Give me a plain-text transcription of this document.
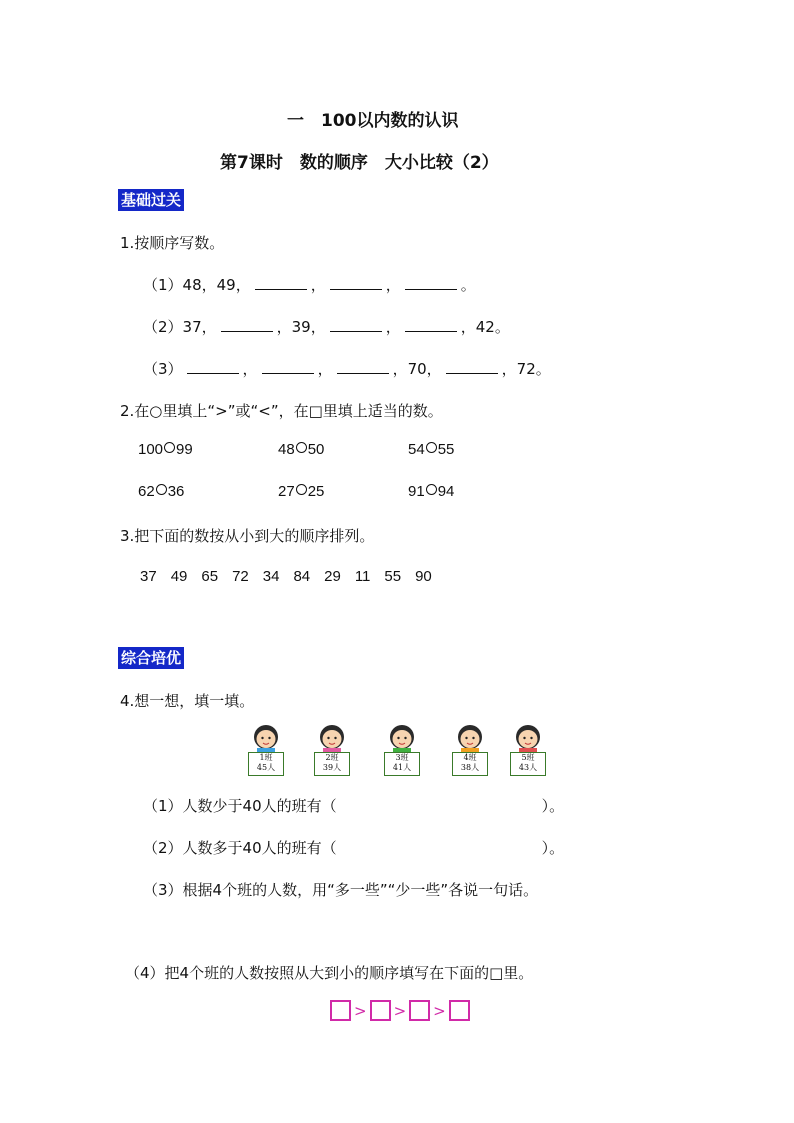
一　100以内数的认识
第7课时　数的顺序　大小比较（2）
基础过关
1.按顺序写数。
（1）48，49，	，	，	。
（2）37，	，39，	，	，42。
（3）	，	，	，70，	，72。
2.在○里填上“>”或“<”，在□里填上适当的数。
100 99	48 50	54 55
62 36	27 25	91 94
3.把下面的数按从小到大的顺序排列。
37 49 65 72 34 84 29 11 55 90
综合培优
4.想一想，填一填。
1班
45人
2班
39人
3班
41人
4班
38人
5班
43人
（1）人数少于40人的班有（	）。
（2）人数多于40人的班有（	）。
（3）根据4个班的人数，用“多一些”“少一些”各说一句话。
（4）把4个班的人数按照从大到小的顺序填写在下面的□里。
> > >
